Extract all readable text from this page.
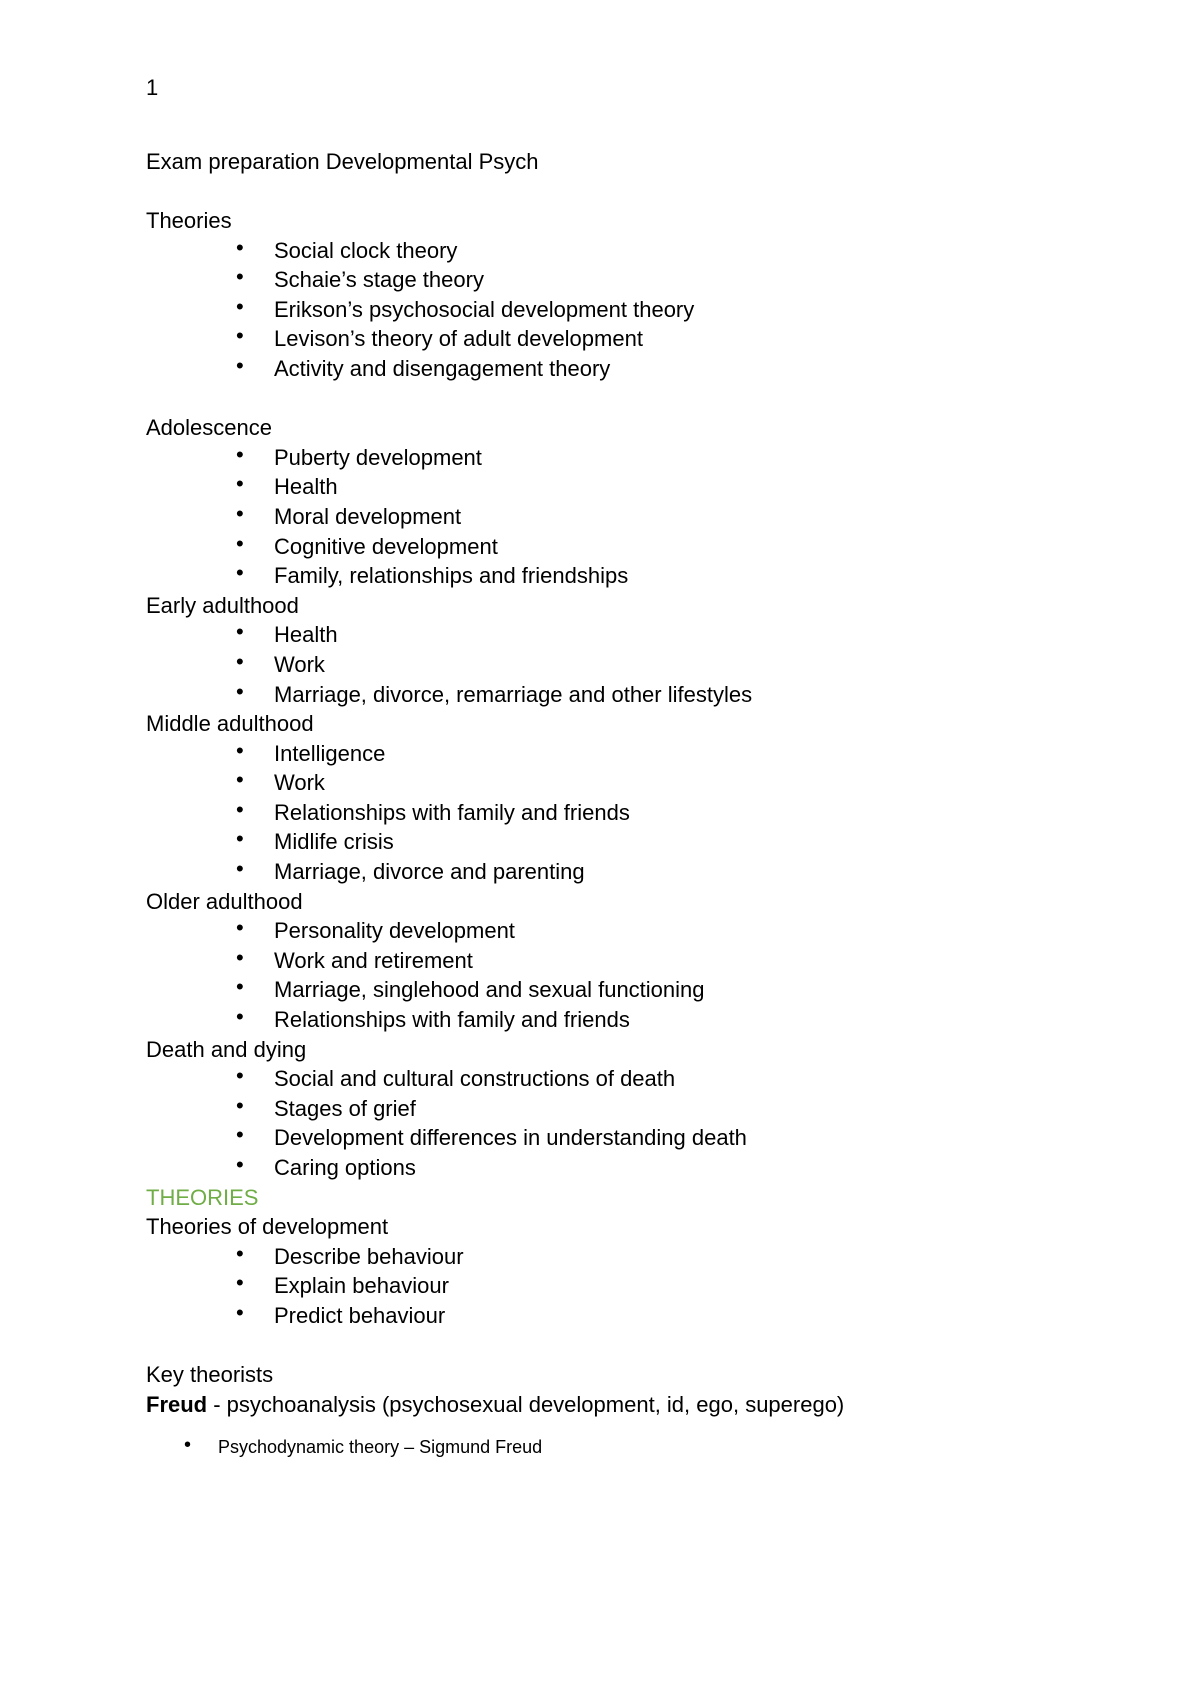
1
Exam preparation Developmental Psych
Theories
• Social clock theory
• Schaie’s stage theory
• Erikson’s psychosocial development theory
• Levison’s theory of adult development
• Activity and disengagement theory
Adolescence
• Puberty development
• Health
• Moral development
• Cognitive development
• Family, relationships and friendships
Early adulthood
• Health
• Work
• Marriage, divorce, remarriage and other lifestyles
Middle adulthood
• Intelligence
• Work
• Relationships with family and friends
• Midlife crisis
• Marriage, divorce and parenting
Older adulthood
• Personality development
• Work and retirement
• Marriage, singlehood and sexual functioning
• Relationships with family and friends
Death and dying
• Social and cultural constructions of death
• Stages of grief
• Development differences in understanding death
• Caring options
THEORIES
Theories of development
• Describe behaviour
• Explain behaviour
• Predict behaviour
Key theorists
Freud - psychoanalysis (psychosexual development, id, ego, superego)
• Psychodynamic theory – Sigmund Freud
